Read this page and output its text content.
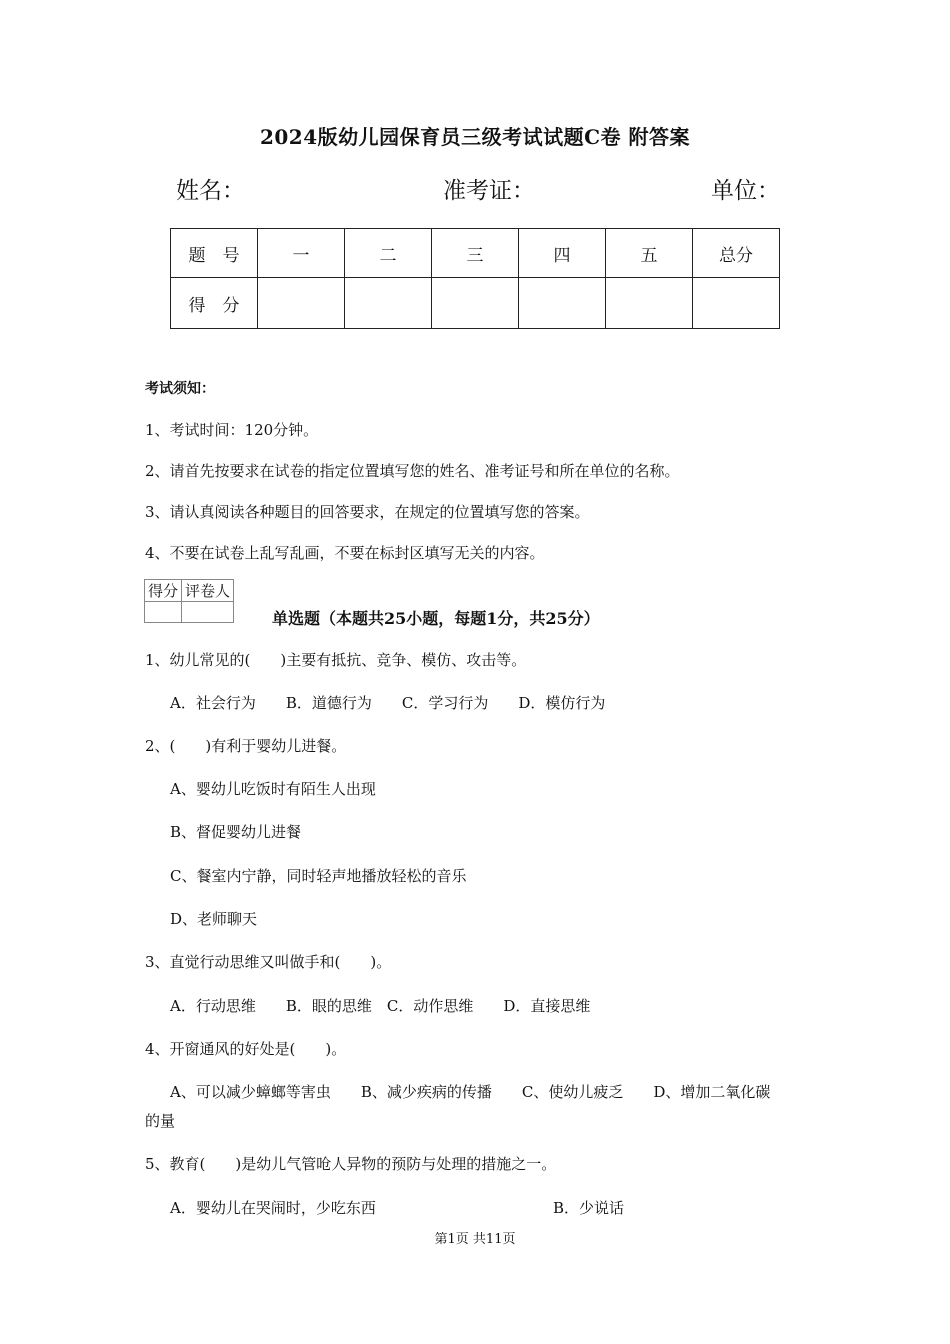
2024版幼儿园保育员三级考试试题C卷 附答案
姓名：	准考证：	单位：
题　号	一	二	三	四	五	总分
得　分						
考试须知：
1、考试时间：120分钟。
2、请首先按要求在试卷的指定位置填写您的姓名、准考证号和所在单位的名称。
3、请认真阅读各种题目的回答要求，在规定的位置填写您的答案。
4、不要在试卷上乱写乱画，不要在标封区填写无关的内容。
得分	评卷人

单选题（本题共25小题，每题1分，共25分）
1、幼儿常见的(　　)主要有抵抗、竞争、模仿、攻击等。
A．社会行为　　B．道德行为　　C．学习行为　　D．模仿行为
2、(　　)有利于婴幼儿进餐。
A、婴幼儿吃饭时有陌生人出现
B、督促婴幼儿进餐
C、餐室内宁静，同时轻声地播放轻松的音乐
D、老师聊天
3、直觉行动思维又叫做手和(　　)。
A．行动思维　　B．眼的思维　C．动作思维　　D．直接思维
4、开窗通风的好处是(　　)。
A、可以减少蟑螂等害虫　　B、减少疾病的传播　　C、使幼儿疲乏　　D、增加二氧化碳
的量
5、教育(　　)是幼儿气管呛人异物的预防与处理的措施之一。
A．婴幼儿在哭闹时，少吃东西	B．少说话
第1页 共11页
